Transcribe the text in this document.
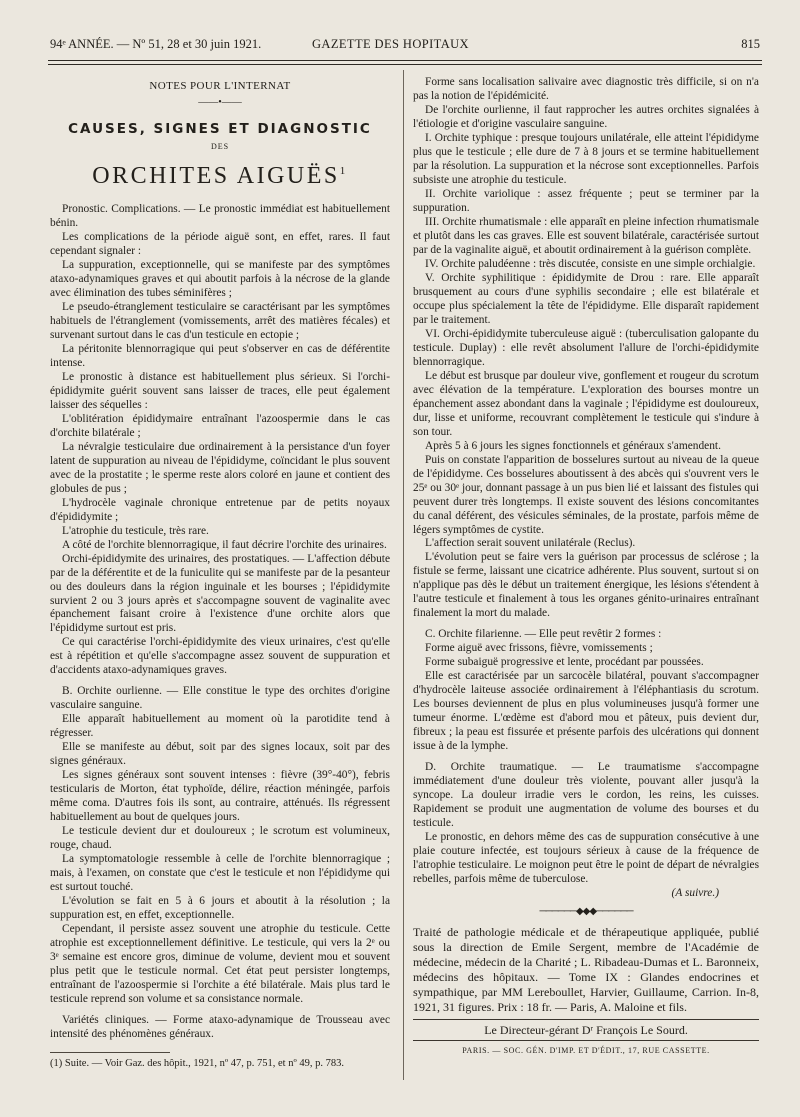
94ᵉ ANNÉE. — Nº 51, 28 et 30 juin 1921.	GAZETTE DES HOPITAUX	815
NOTES POUR L'INTERNAT
——•——
CAUSES, SIGNES ET DIAGNOSTIC
DES
ORCHITES AIGUËS$^1$

Pronostic. Complications. — Le pronostic immédiat est habituellement bénin.

Les complications de la période aiguë sont, en effet, rares. Il faut cependant signaler :

La suppuration, exceptionnelle, qui se manifeste par des symptômes ataxo-adynamiques graves et qui aboutit parfois à la nécrose de la glande avec élimination des tubes séminifères ;

Le pseudo-étranglement testiculaire se caractérisant par les symptômes habituels de l'étranglement (vomissements, arrêt des matières fécales) et survenant surtout dans le cas d'un testicule en ectopie ;

La péritonite blennorragique qui peut s'observer en cas de déférentite intense.

Le pronostic à distance est habituellement plus sérieux. Si l'orchi-épididymite guérit souvent sans laisser de traces, elle peut également laisser des séquelles :

L'oblitération épididymaire entraînant l'azoospermie dans le cas d'orchite bilatérale ;

La névralgie testiculaire due ordinairement à la persistance d'un foyer latent de suppuration au niveau de l'épididyme, coïncidant le plus souvent avec de la prostatite ; le sperme reste alors coloré en jaune et contient des globules de pus ;

L'hydrocèle vaginale chronique entretenue par de petits noyaux d'épididymite ;

L'atrophie du testicule, très rare.

A côté de l'orchite blennorragique, il faut décrire l'orchite des urinaires.

Orchi-épididymite des urinaires, des prostatiques. — L'affection débute par de la déférentite et de la funiculite qui se manifeste par de la pesanteur ou des douleurs dans la région inguinale et les bourses ; l'épididymite survient 2 ou 3 jours après et s'accompagne souvent de vaginalite avec épanchement faisant croire à l'existence d'une orchite alors que l'épididyme surtout est pris.

Ce qui caractérise l'orchi-épididymite des vieux urinaires, c'est qu'elle est à répétition et qu'elle s'accompagne assez souvent de suppuration et d'accidents ataxo-adynamiques graves.

B. Orchite ourlienne. — Elle constitue le type des orchites d'origine vasculaire sanguine.

Elle apparaît habituellement au moment où la parotidite tend à régresser.

Elle se manifeste au début, soit par des signes locaux, soit par des signes généraux.

Les signes généraux sont souvent intenses : fièvre (39°-40°), febris testicularis de Morton, état typhoïde, délire, réaction méningée, parfois même coma. D'autres fois ils sont, au contraire, atténués. Ils régressent habituellement au bout de quelques jours.

Le testicule devient dur et douloureux ; le scrotum est volumineux, rouge, chaud.

La symptomatologie ressemble à celle de l'orchite blennorragique ; mais, à l'examen, on constate que c'est le testicule et non l'épididyme qui est surtout touché.

L'évolution se fait en 5 à 6 jours et aboutit à la résolution ; la suppuration est, en effet, exceptionnelle.

Cependant, il persiste assez souvent une atrophie du testicule. Cette atrophie est exceptionnellement définitive. Le testicule, qui vers la 2ᵉ ou 3ᵉ semaine est encore gros, diminue de volume, devient mou et souvent plus petit que le testicule normal. Cet état peut persister longtemps, entraînant de l'azoospermie si l'orchite a été bilatérale. Mais plus tard le testicule reprend son volume et sa consistance normale.

Variétés cliniques. — Forme ataxo-adynamique de Trousseau avec intensité des phénomènes généraux.

(1) Suite. — Voir Gaz. des hôpit., 1921, nº 47, p. 751, et nº 49, p. 783.

Forme sans localisation salivaire avec diagnostic très difficile, si on n'a pas la notion de l'épidémicité.

De l'orchite ourlienne, il faut rapprocher les autres orchites signalées à l'étiologie et d'origine vasculaire sanguine.

I. Orchite typhique : presque toujours unilatérale, elle atteint l'épididyme plus que le testicule ; elle dure de 7 à 8 jours et se termine habituellement par la résolution. La suppuration et la nécrose sont exceptionnelles. Parfois subsiste une atrophie du testicule.

II. Orchite variolique : assez fréquente ; peut se terminer par la suppuration.

III. Orchite rhumatismale : elle apparaît en pleine infection rhumatismale et plutôt dans les cas graves. Elle est souvent bilatérale, caractérisée surtout par de la vaginalite aiguë, et aboutit ordinairement à la guérison complète.

IV. Orchite paludéenne : très discutée, consiste en une simple orchialgie.

V. Orchite syphilitique : épididymite de Drou : rare. Elle apparaît brusquement au cours d'une syphilis secondaire ; elle est bilatérale et occupe plus spécialement la tête de l'épididyme. Elle disparaît rapidement par le traitement.

VI. Orchi-épididymite tuberculeuse aiguë : (tuberculisation galopante du testicule. Duplay) : elle revêt absolument l'allure de l'orchi-épididymite blennorragique.

Le début est brusque par douleur vive, gonflement et rougeur du scrotum avec élévation de la température. L'exploration des bourses montre un épanchement assez abondant dans la vaginale ; l'épididyme est douloureux, dur, lisse et uniforme, recouvrant complètement le testicule qui s'indure à son tour.

Après 5 à 6 jours les signes fonctionnels et généraux s'amendent.

Puis on constate l'apparition de bosselures surtout au niveau de la queue de l'épididyme. Ces bosselures aboutissent à des abcès qui s'ouvrent vers le 25ᵉ ou 30ᵉ jour, donnant passage à un pus bien lié et laissant des fistules qui peuvent durer très longtemps. Il existe souvent des lésions concomitantes du canal déférent, des vésicules séminales, de la prostate, parfois même de légers symptômes de cystite.

L'affection serait souvent unilatérale (Reclus).

L'évolution peut se faire vers la guérison par processus de sclérose ; la fistule se ferme, laissant une cicatrice adhérente. Plus souvent, surtout si on n'applique pas dès le début un traitement énergique, les lésions s'étendent à l'autre testicule et finalement à tous les organes génito-urinaires entraînant finalement la mort du malade.

C. Orchite filarienne. — Elle peut revêtir 2 formes :

Forme aiguë avec frissons, fièvre, vomissements ;

Forme subaiguë progressive et lente, procédant par poussées.

Elle est caractérisée par un sarcocèle bilatéral, pouvant s'accompagner d'hydrocèle laiteuse associée ordinairement à l'éléphantiasis du scrotum. Les bourses deviennent de plus en plus volumineuses jusqu'à former une tumeur énorme. L'œdème est d'abord mou et pâteux, puis devient dur, fibreux ; la peau est fissurée et présente parfois des ulcérations qui donnent issue à de la lymphe.

D. Orchite traumatique. — Le traumatisme s'accompagne immédiatement d'une douleur très violente, pouvant aller jusqu'à la syncope. La douleur irradie vers le cordon, les reins, les cuisses. Rapidement se produit une augmentation de volume des bourses et du testicule.

Le pronostic, en dehors même des cas de suppuration consécutive à une plaie couture infectée, est toujours sérieux à cause de la fréquence de l'atrophie testiculaire. Le moignon peut être le point de départ de névralgies rebelles, parfois même de tuberculose.

(A suivre.)
──────◆◆◆──────
Traité de pathologie médicale et de thérapeutique appliquée, publié sous la direction de Emile Sergent, membre de l'Académie de médecine, médecin de la Charité ; L. Ribadeau-Dumas et L. Baronneix, médecins des hôpitaux. — Tome IX : Glandes endocrines et sympathique, par MM Lereboullet, Harvier, Guillaume, Carrion. In-8, 1921, 31 figures. Prix : 18 fr. — Paris, A. Maloine et fils.
Le Directeur-gérant Dʳ François Le Sourd.
PARIS. — SOC. GÉN. D'IMP. ET D'ÉDIT., 17, RUE CASSETTE.
